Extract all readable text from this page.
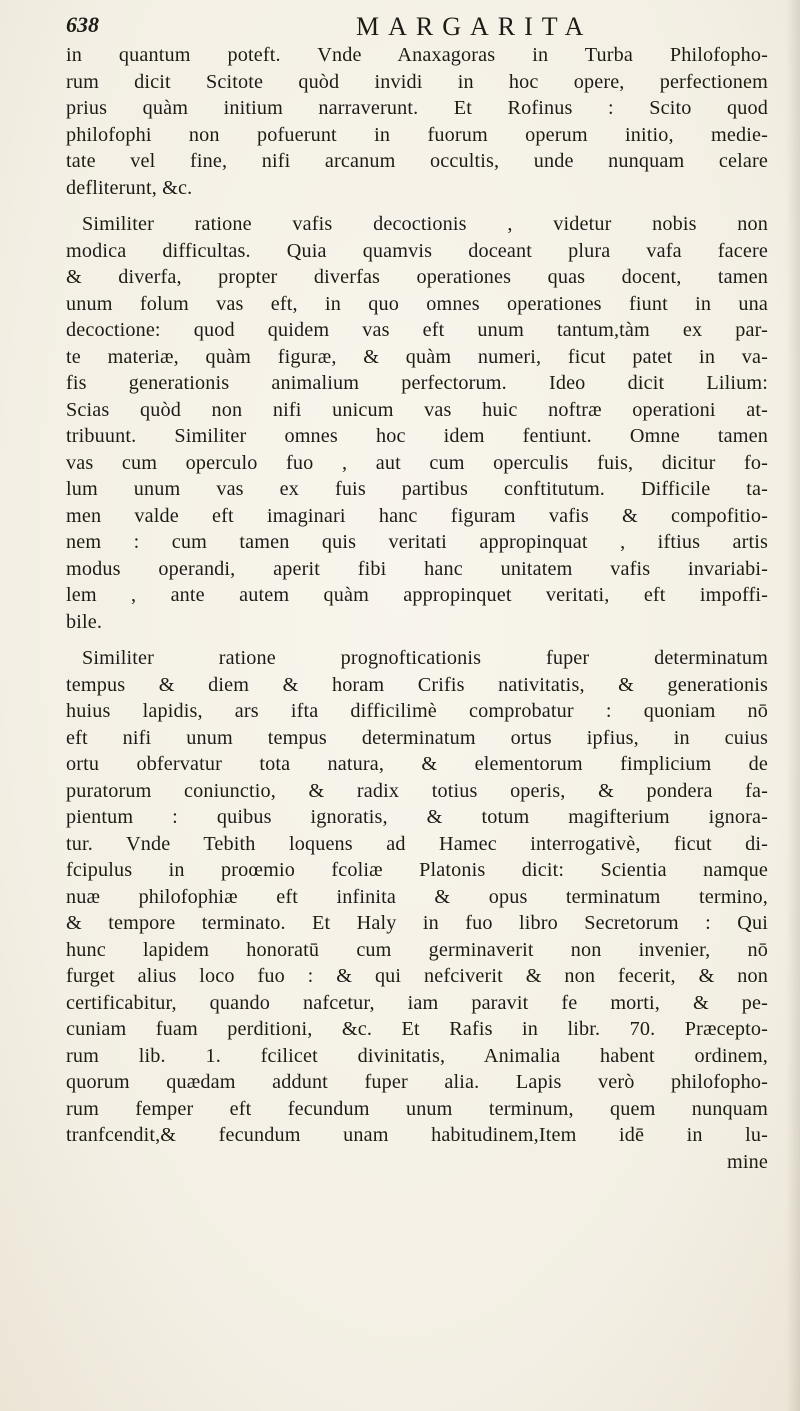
638	MARGARITA
in quantum poteft. Vnde Anaxagoras in Turba Philofopho-
rum dicit Scitote quòd invidi in hoc opere, perfectionem
prius quàm initium narraverunt. Et Rofinus : Scito quod
philofophi non pofuerunt in fuorum operum initio, medie-
tate vel fine, nifi arcanum occultis, unde nunquam celare
defliterunt, &c.
Similiter ratione vafis decoctionis , videtur nobis non
modica difficultas. Quia quamvis doceant plura vafa facere
& diverfa, propter diverfas operationes quas docent, tamen
unum folum vas eft, in quo omnes operationes fiunt in una
decoctione: quod quidem vas eft unum tantum,tàm ex par-
te materiæ, quàm figuræ, & quàm numeri, ficut patet in va-
fis generationis animalium perfectorum. Ideo dicit Lilium:
Scias quòd non nifi unicum vas huic noftræ operationi at-
tribuunt. Similiter omnes hoc idem fentiunt. Omne tamen
vas cum operculo fuo , aut cum operculis fuis, dicitur fo-
lum unum vas ex fuis partibus conftitutum. Difficile ta-
men valde eft imaginari hanc figuram vafis & compofitio-
nem : cum tamen quis veritati appropinquat , iftius artis
modus operandi, aperit fibi hanc unitatem vafis invariabi-
lem , ante autem quàm appropinquet veritati, eft impoffi-
bile.
Similiter ratione prognofticationis fuper determinatum
tempus & diem & horam Crifis nativitatis, & generationis
huius lapidis, ars ifta difficilimè comprobatur : quoniam nō
eft nifi unum tempus determinatum ortus ipfius, in cuius
ortu obfervatur tota natura, & elementorum fimplicium de
puratorum coniunctio, & radix totius operis, & pondera fa-
pientum : quibus ignoratis, & totum magifterium ignora-
tur. Vnde Tebith loquens ad Hamec interrogativè, ficut di-
fcipulus in proœmio fcoliæ Platonis dicit: Scientia namque
nuæ philofophiæ eft infinita & opus terminatum termino,
& tempore terminato. Et Haly in fuo libro Secretorum : Qui
hunc lapidem honoratū cum germinaverit non invenier, nō
furget alius loco fuo : & qui nefciverit & non fecerit, & non
certificabitur, quando nafcetur, iam paravit fe morti, & pe-
cuniam fuam perditioni, &c. Et Rafis in libr. 70. Præcepto-
rum lib. 1. fcilicet divinitatis, Animalia habent ordinem,
quorum quædam addunt fuper alia. Lapis verò philofopho-
rum femper eft fecundum unum terminum, quem nunquam
tranfcendit,& fecundum unam habitudinem,Item idē in lu-
mine
